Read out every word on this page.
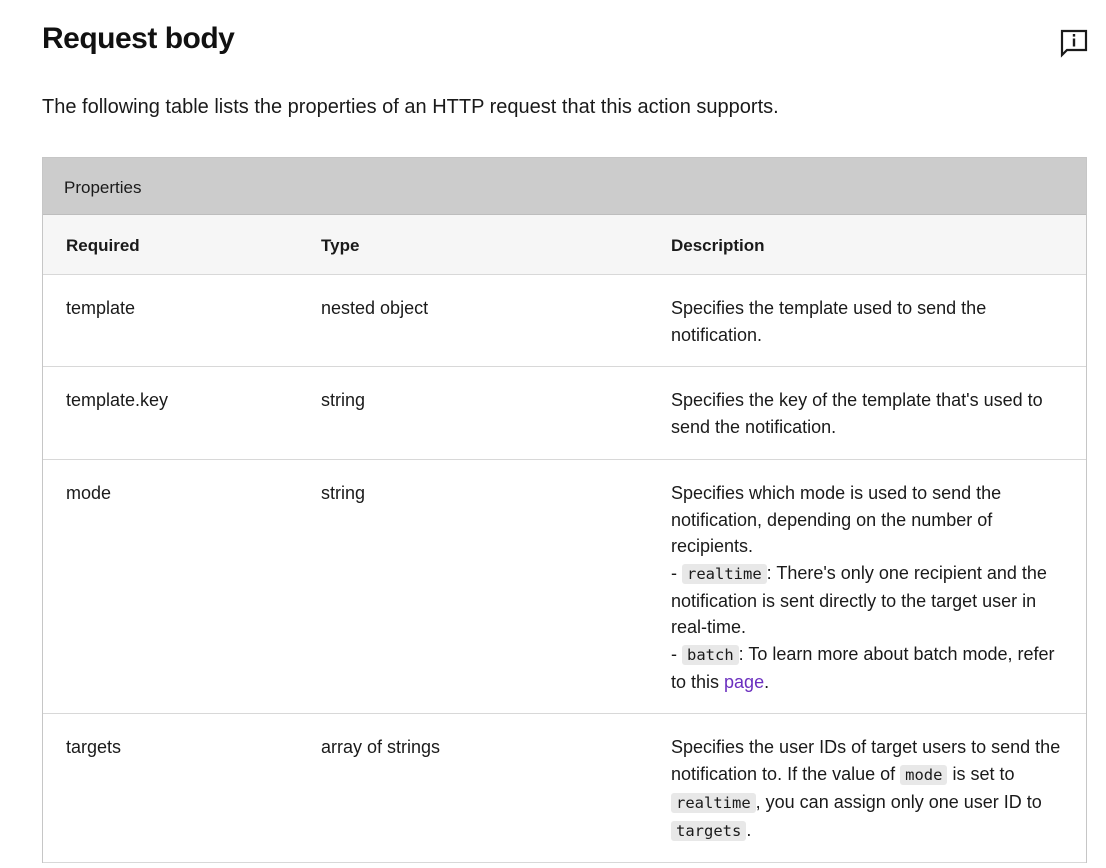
Request body

The following table lists the properties of an HTTP request that this action supports.

Properties
Required	Type	Description
template	nested object	Specifies the template used to send the notification.
template.key	string	Specifies the key of the template that's used to send the notification.
mode	string	Specifies which mode is used to send the notification, depending on the number of recipients.
- realtime : There's only one recipient and the notification is sent directly to the target user in real-time.
- batch : To learn more about batch mode, refer to this page.
targets	array of strings	Specifies the user IDs of target users to send the notification to. If the value of mode is set to realtime , you can assign only one user ID to targets .
